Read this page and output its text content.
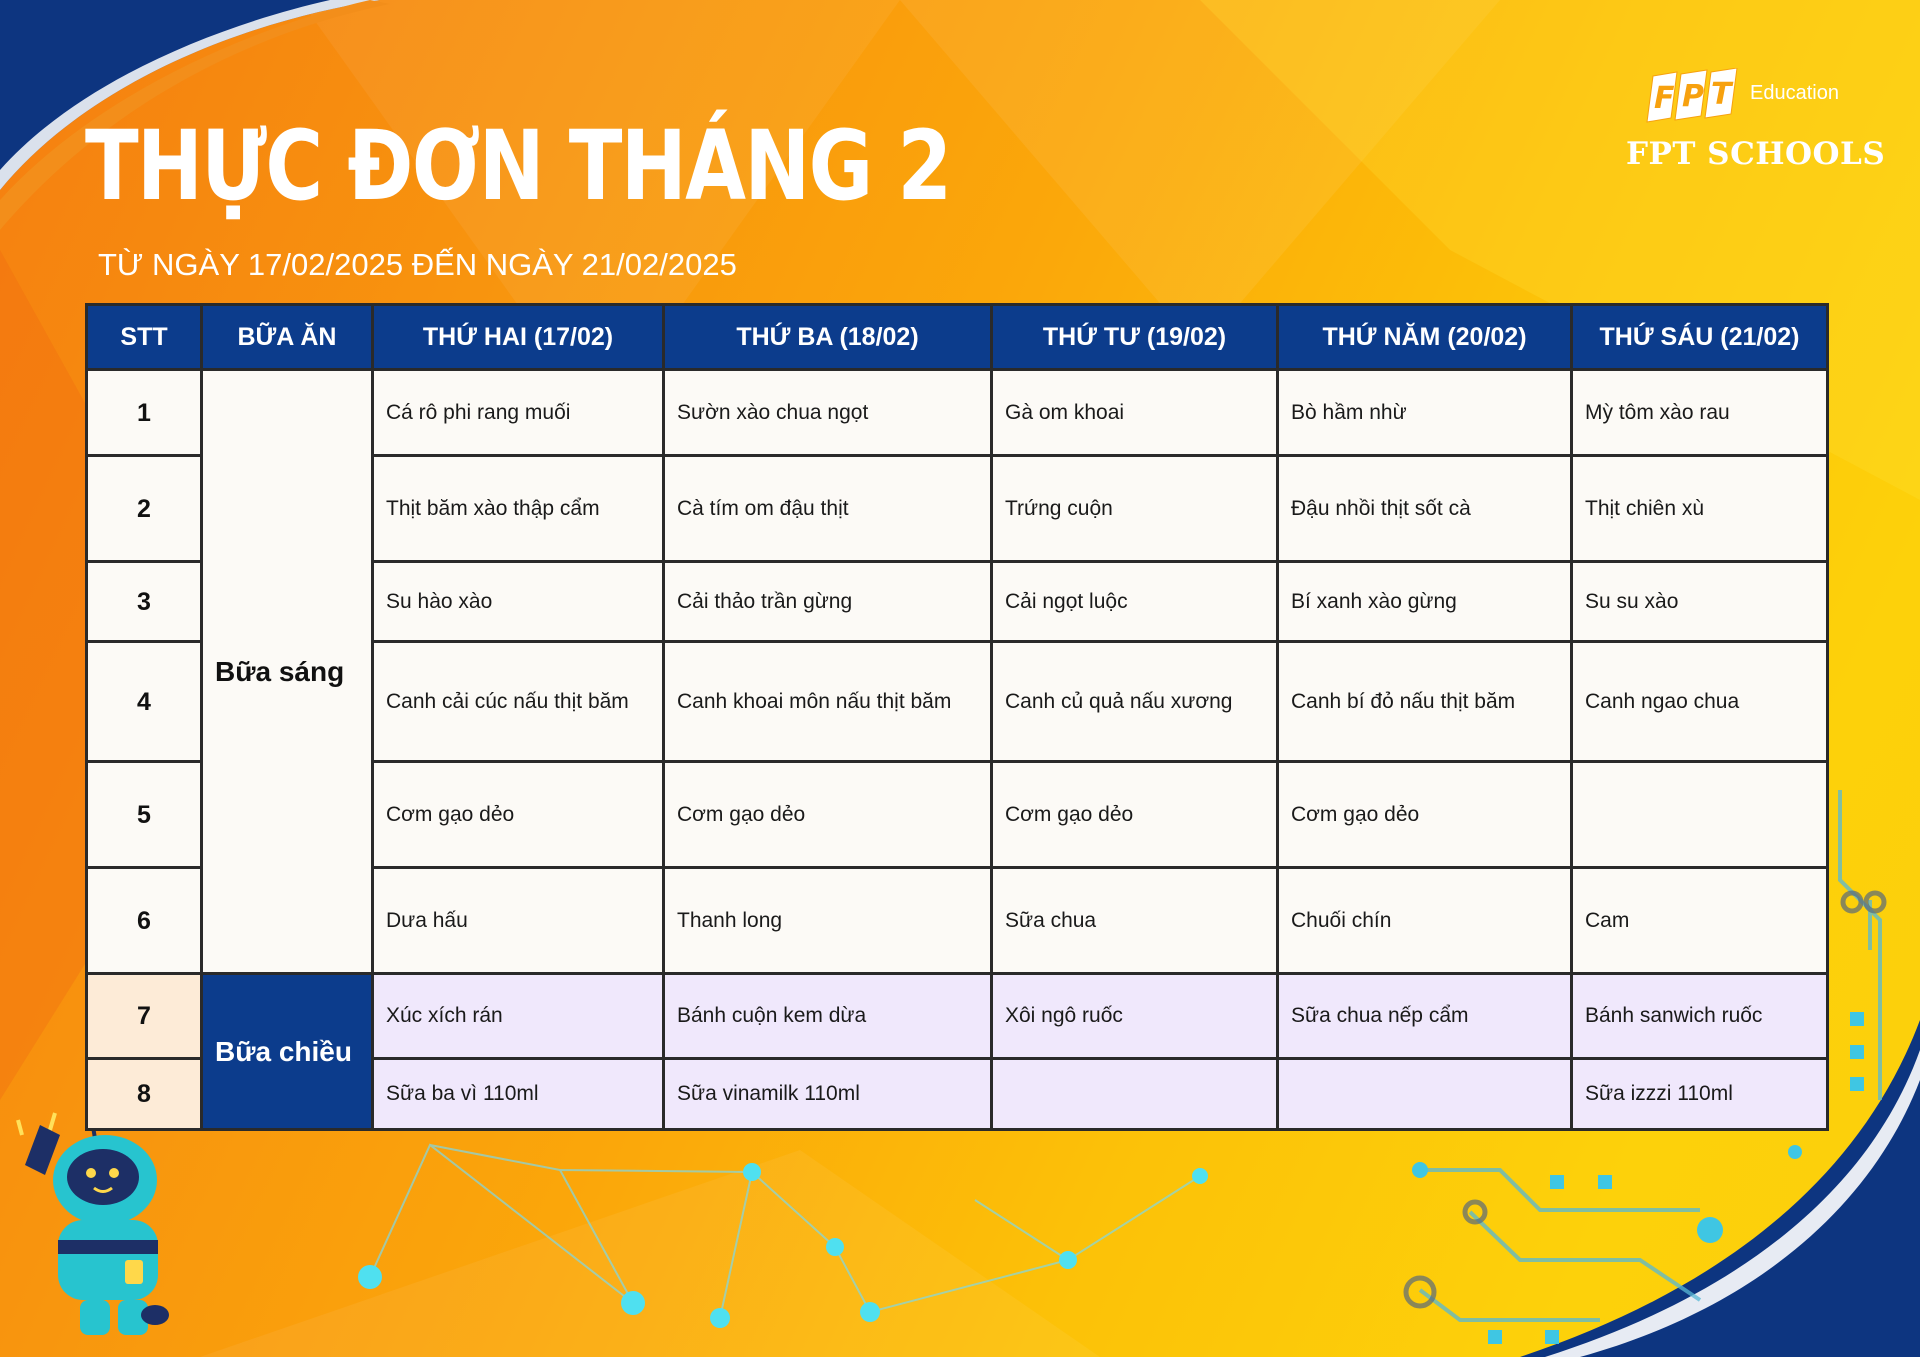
THỰC ĐƠN THÁNG 2
TỪ NGÀY 17/02/2025 ĐẾN NGÀY 21/02/2025
F P T Education
FPT SCHOOLS
STT	BỮA ĂN	THỨ HAI (17/02)	THỨ BA (18/02)	THỨ TƯ (19/02)	THỨ NĂM (20/02)	THỨ SÁU (21/02)
1	Bữa sáng	Cá rô phi rang muối	Sườn xào chua ngọt	Gà om khoai	Bò hầm nhừ	Mỳ tôm xào rau
2		Thịt băm xào thập cẩm	Cà tím om đậu thịt	Trứng cuộn	Đậu nhồi thịt sốt cà	Thịt chiên xù
3		Su hào xào	Cải thảo trần gừng	Cải ngọt luộc	Bí xanh xào gừng	Su su xào
4		Canh cải cúc nấu thịt băm	Canh khoai môn nấu thịt băm	Canh củ quả nấu xương	Canh bí đỏ nấu thịt băm	Canh ngao chua
5		Cơm gạo dẻo	Cơm gạo dẻo	Cơm gạo dẻo	Cơm gạo dẻo	
6		Dưa hấu	Thanh long	Sữa chua	Chuối chín	Cam
7	Bữa chiều	Xúc xích rán	Bánh cuộn kem dừa	Xôi ngô ruốc	Sữa chua nếp cẩm	Bánh sanwich ruốc
8		Sữa ba vì 110ml	Sữa vinamilk 110ml			Sữa izzzi 110ml
